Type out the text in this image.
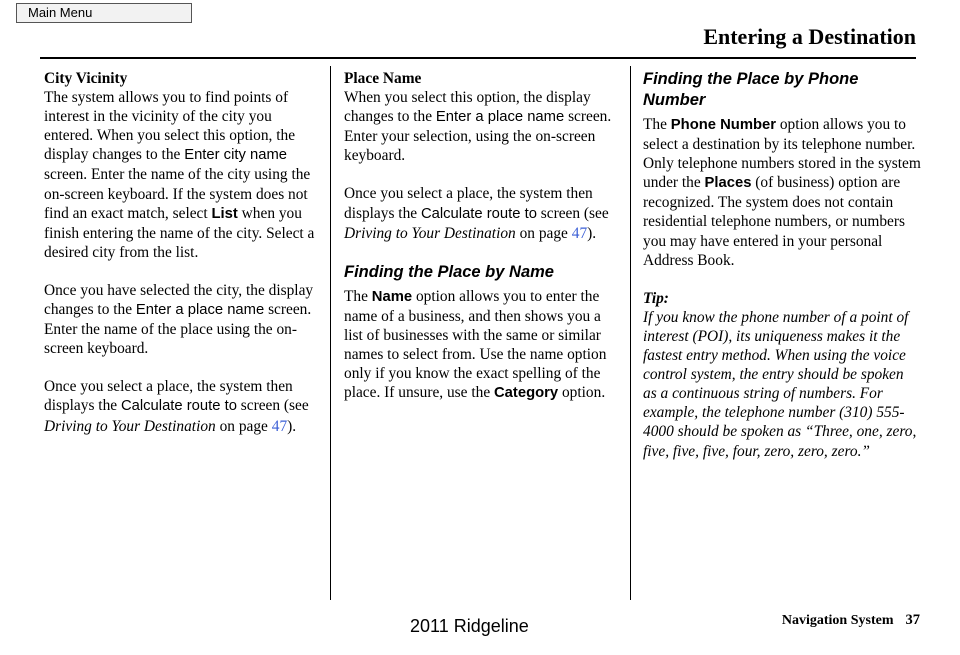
Main Menu
Entering a Destination
City Vicinity

The system allows you to find points of interest in the vicinity of the city you entered. When you select this option, the display changes to the Enter city name screen. Enter the name of the city using the on-screen keyboard. If the system does not find an exact match, select List when you finish entering the name of the city. Select a desired city from the list.

Once you have selected the city, the display changes to the Enter a place name screen. Enter the name of the place using the on-screen keyboard.

Once you select a place, the system then displays the Calculate route to screen (see Driving to Your Destination on page 47).

Place Name

When you select this option, the display changes to the Enter a place name screen. Enter your selection, using the on-screen keyboard.

Once you select a place, the system then displays the Calculate route to screen (see Driving to Your Destination on page 47).

Finding the Place by Name

The Name option allows you to enter the name of a business, and then shows you a list of businesses with the same or similar names to select from. Use the name option only if you know the exact spelling of the place. If unsure, use the Category option.

Finding the Place by Phone Number

The Phone Number option allows you to select a destination by its telephone number. Only telephone numbers stored in the system under the Places (of business) option are recognized. The system does not contain residential telephone numbers, or numbers you may have entered in your personal Address Book.

Tip:

If you know the phone number of a point of interest (POI), its uniqueness makes it the fastest entry method. When using the voice control system, the entry should be spoken as a continuous string of numbers. For example, the telephone number (310) 555-4000 should be spoken as “Three, one, zero, five, five, five, four, zero, zero, zero.”

Navigation System 37
2011 Ridgeline
